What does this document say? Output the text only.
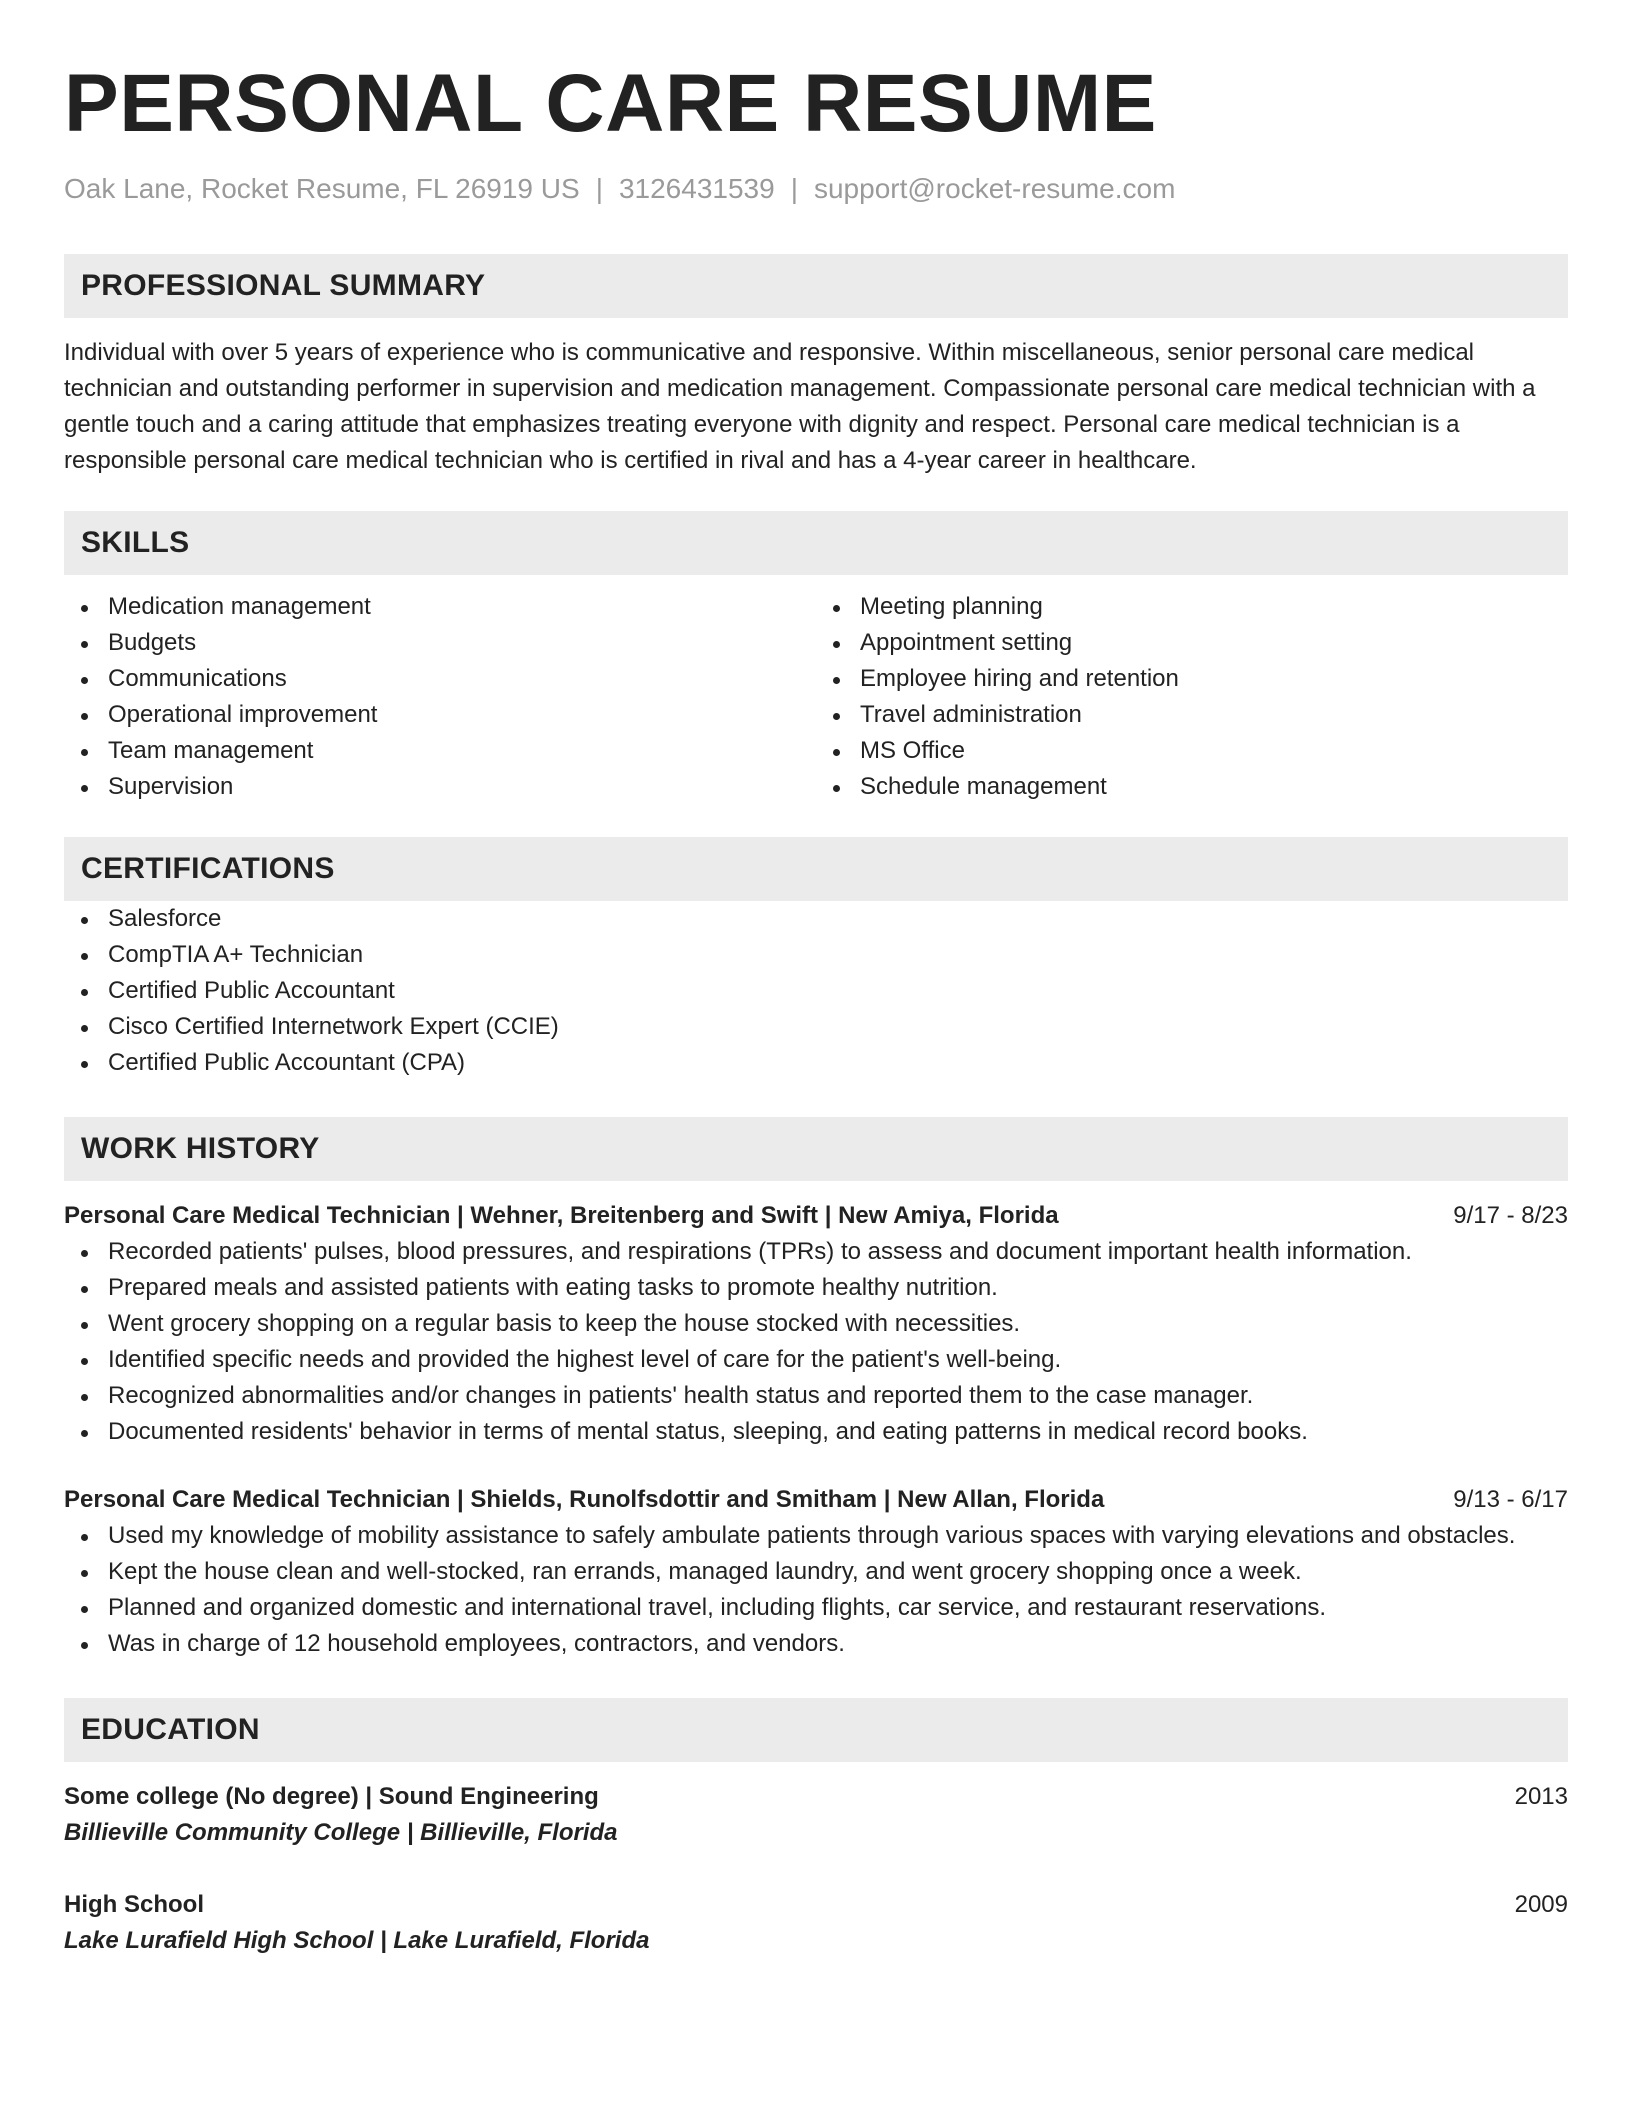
PERSONAL CARE RESUME
Oak Lane, Rocket Resume, FL 26919 US | 3126431539 | support@rocket-resume.com
PROFESSIONAL SUMMARY

Individual with over 5 years of experience who is communicative and responsive. Within miscellaneous, senior personal care medical technician and outstanding performer in supervision and medication management. Compassionate personal care medical technician with a gentle touch and a caring attitude that emphasizes treating everyone with dignity and respect. Personal care medical technician is a responsible personal care medical technician who is certified in rival and has a 4-year career in healthcare.

SKILLS
Medication management
Budgets
Communications
Operational improvement
Team management
Supervision
Meeting planning
Appointment setting
Employee hiring and retention
Travel administration
MS Office
Schedule management
CERTIFICATIONS
Salesforce
CompTIA A+ Technician
Certified Public Accountant
Cisco Certified Internetwork Expert (CCIE)
Certified Public Accountant (CPA)
WORK HISTORY
Personal Care Medical Technician | Wehner, Breitenberg and Swift | New Amiya, Florida	9/17 - 8/23
Recorded patients' pulses, blood pressures, and respirations (TPRs) to assess and document important health information.
Prepared meals and assisted patients with eating tasks to promote healthy nutrition.
Went grocery shopping on a regular basis to keep the house stocked with necessities.
Identified specific needs and provided the highest level of care for the patient's well-being.
Recognized abnormalities and/or changes in patients' health status and reported them to the case manager.
Documented residents' behavior in terms of mental status, sleeping, and eating patterns in medical record books.
Personal Care Medical Technician | Shields, Runolfsdottir and Smitham | New Allan, Florida	9/13 - 6/17
Used my knowledge of mobility assistance to safely ambulate patients through various spaces with varying elevations and obstacles.
Kept the house clean and well-stocked, ran errands, managed laundry, and went grocery shopping once a week.
Planned and organized domestic and international travel, including flights, car service, and restaurant reservations.
Was in charge of 12 household employees, contractors, and vendors.
EDUCATION
Some college (No degree) | Sound Engineering	2013
Billieville Community College | Billieville, Florida
High School	2009
Lake Lurafield High School | Lake Lurafield, Florida
